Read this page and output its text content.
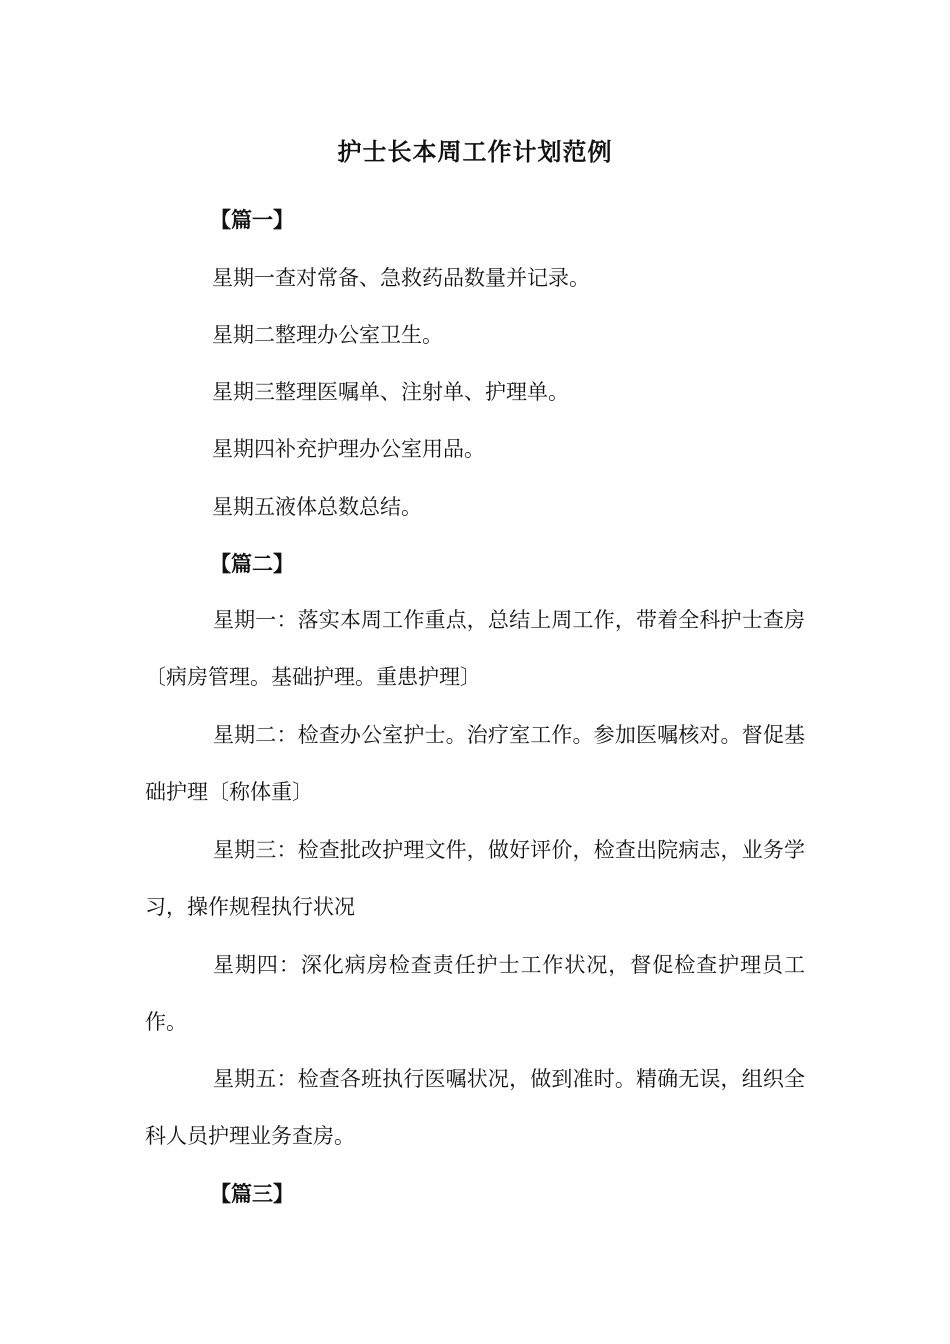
护士长本周工作计划范例
【篇一】
星期一查对常备、急救药品数量并记录。
星期二整理办公室卫生。
星期三整理医嘱单、注射单、护理单。
星期四补充护理办公室用品。
星期五液体总数总结。
【篇二】

星期一：落实本周工作重点，总结上周工作，带着全科护士查房〔病房管理。基础护理。重患护理〕

星期二：检查办公室护士。治疗室工作。参加医嘱核对。督促基础护理〔称体重〕

星期三：检查批改护理文件，做好评价，检查出院病志，业务学习，操作规程执行状况

星期四：深化病房检查责任护士工作状况，督促检查护理员工作。

星期五：检查各班执行医嘱状况，做到准时。精确无误，组织全科人员护理业务查房。

【篇三】
